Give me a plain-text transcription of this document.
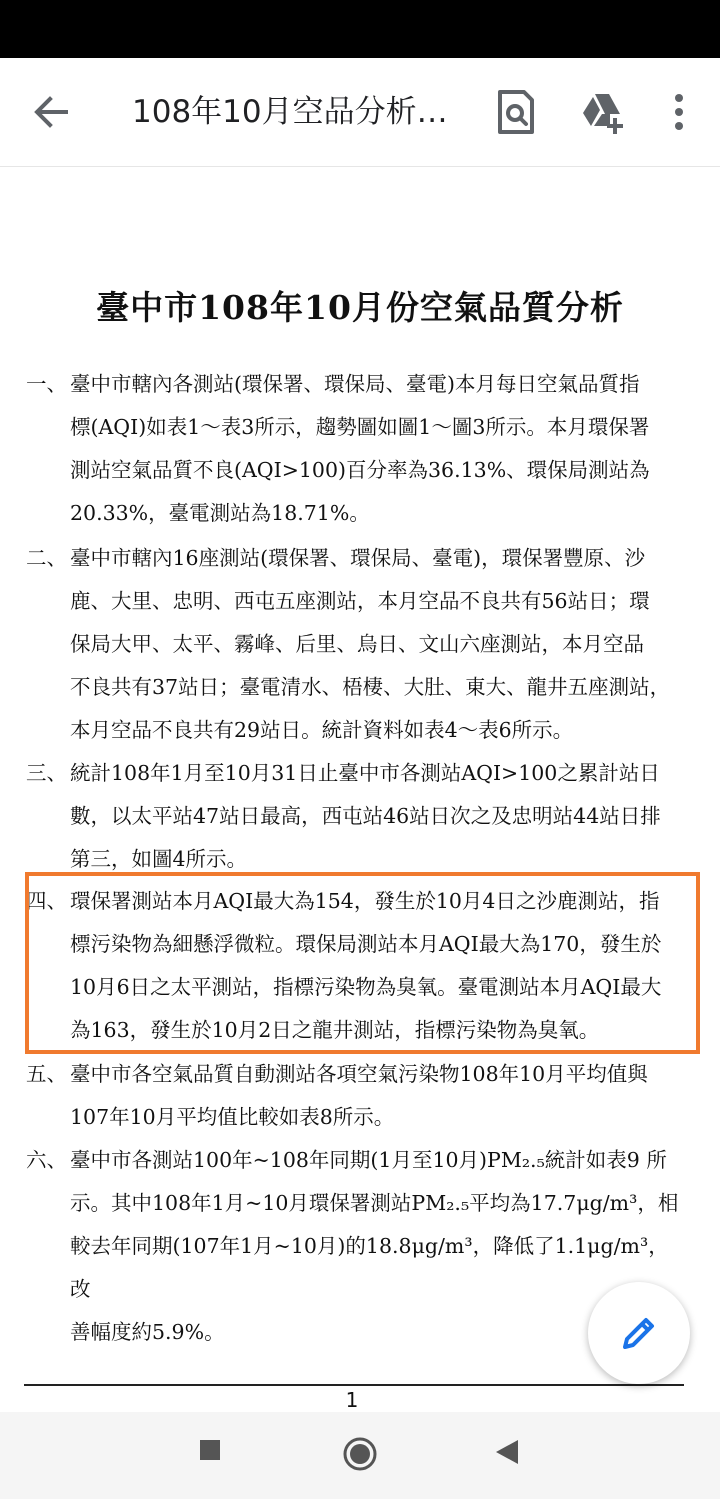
108年10月空品分析…
臺中市108年10月份空氣品質分析
一、 臺中市轄內各測站(環保署、環保局、臺電)本月每日空氣品質指
標(AQI)如表1～表3所示，趨勢圖如圖1～圖3所示。本月環保署
測站空氣品質不良(AQI>100)百分率為36.13%、環保局測站為
20.33%，臺電測站為18.71%。
二、 臺中市轄內16座測站(環保署、環保局、臺電)，環保署豐原、沙
鹿、大里、忠明、西屯五座測站，本月空品不良共有56站日；環
保局大甲、太平、霧峰、后里、烏日、文山六座測站，本月空品
不良共有37站日；臺電清水、梧棲、大肚、東大、龍井五座測站，
本月空品不良共有29站日。統計資料如表4～表6所示。
三、 統計108年1月至10月31日止臺中市各測站AQI>100之累計站日
數，以太平站47站日最高，西屯站46站日次之及忠明站44站日排
第三，如圖4所示。
四、 環保署測站本月AQI最大為154，發生於10月4日之沙鹿測站，指
標污染物為細懸浮微粒。環保局測站本月AQI最大為170，發生於
10月6日之太平測站，指標污染物為臭氧。臺電測站本月AQI最大
為163，發生於10月2日之龍井測站，指標污染物為臭氧。
五、 臺中市各空氣品質自動測站各項空氣污染物108年10月平均值與
107年10月平均值比較如表8所示。
六、 臺中市各測站100年~108年同期(1月至10月)PM₂.₅統計如表9 所
示。其中108年1月~10月環保署測站PM₂.₅平均為17.7μg/m³，相
較去年同期(107年1月~10月)的18.8μg/m³，降低了1.1μg/m³，改
善幅度約5.9%。
1
